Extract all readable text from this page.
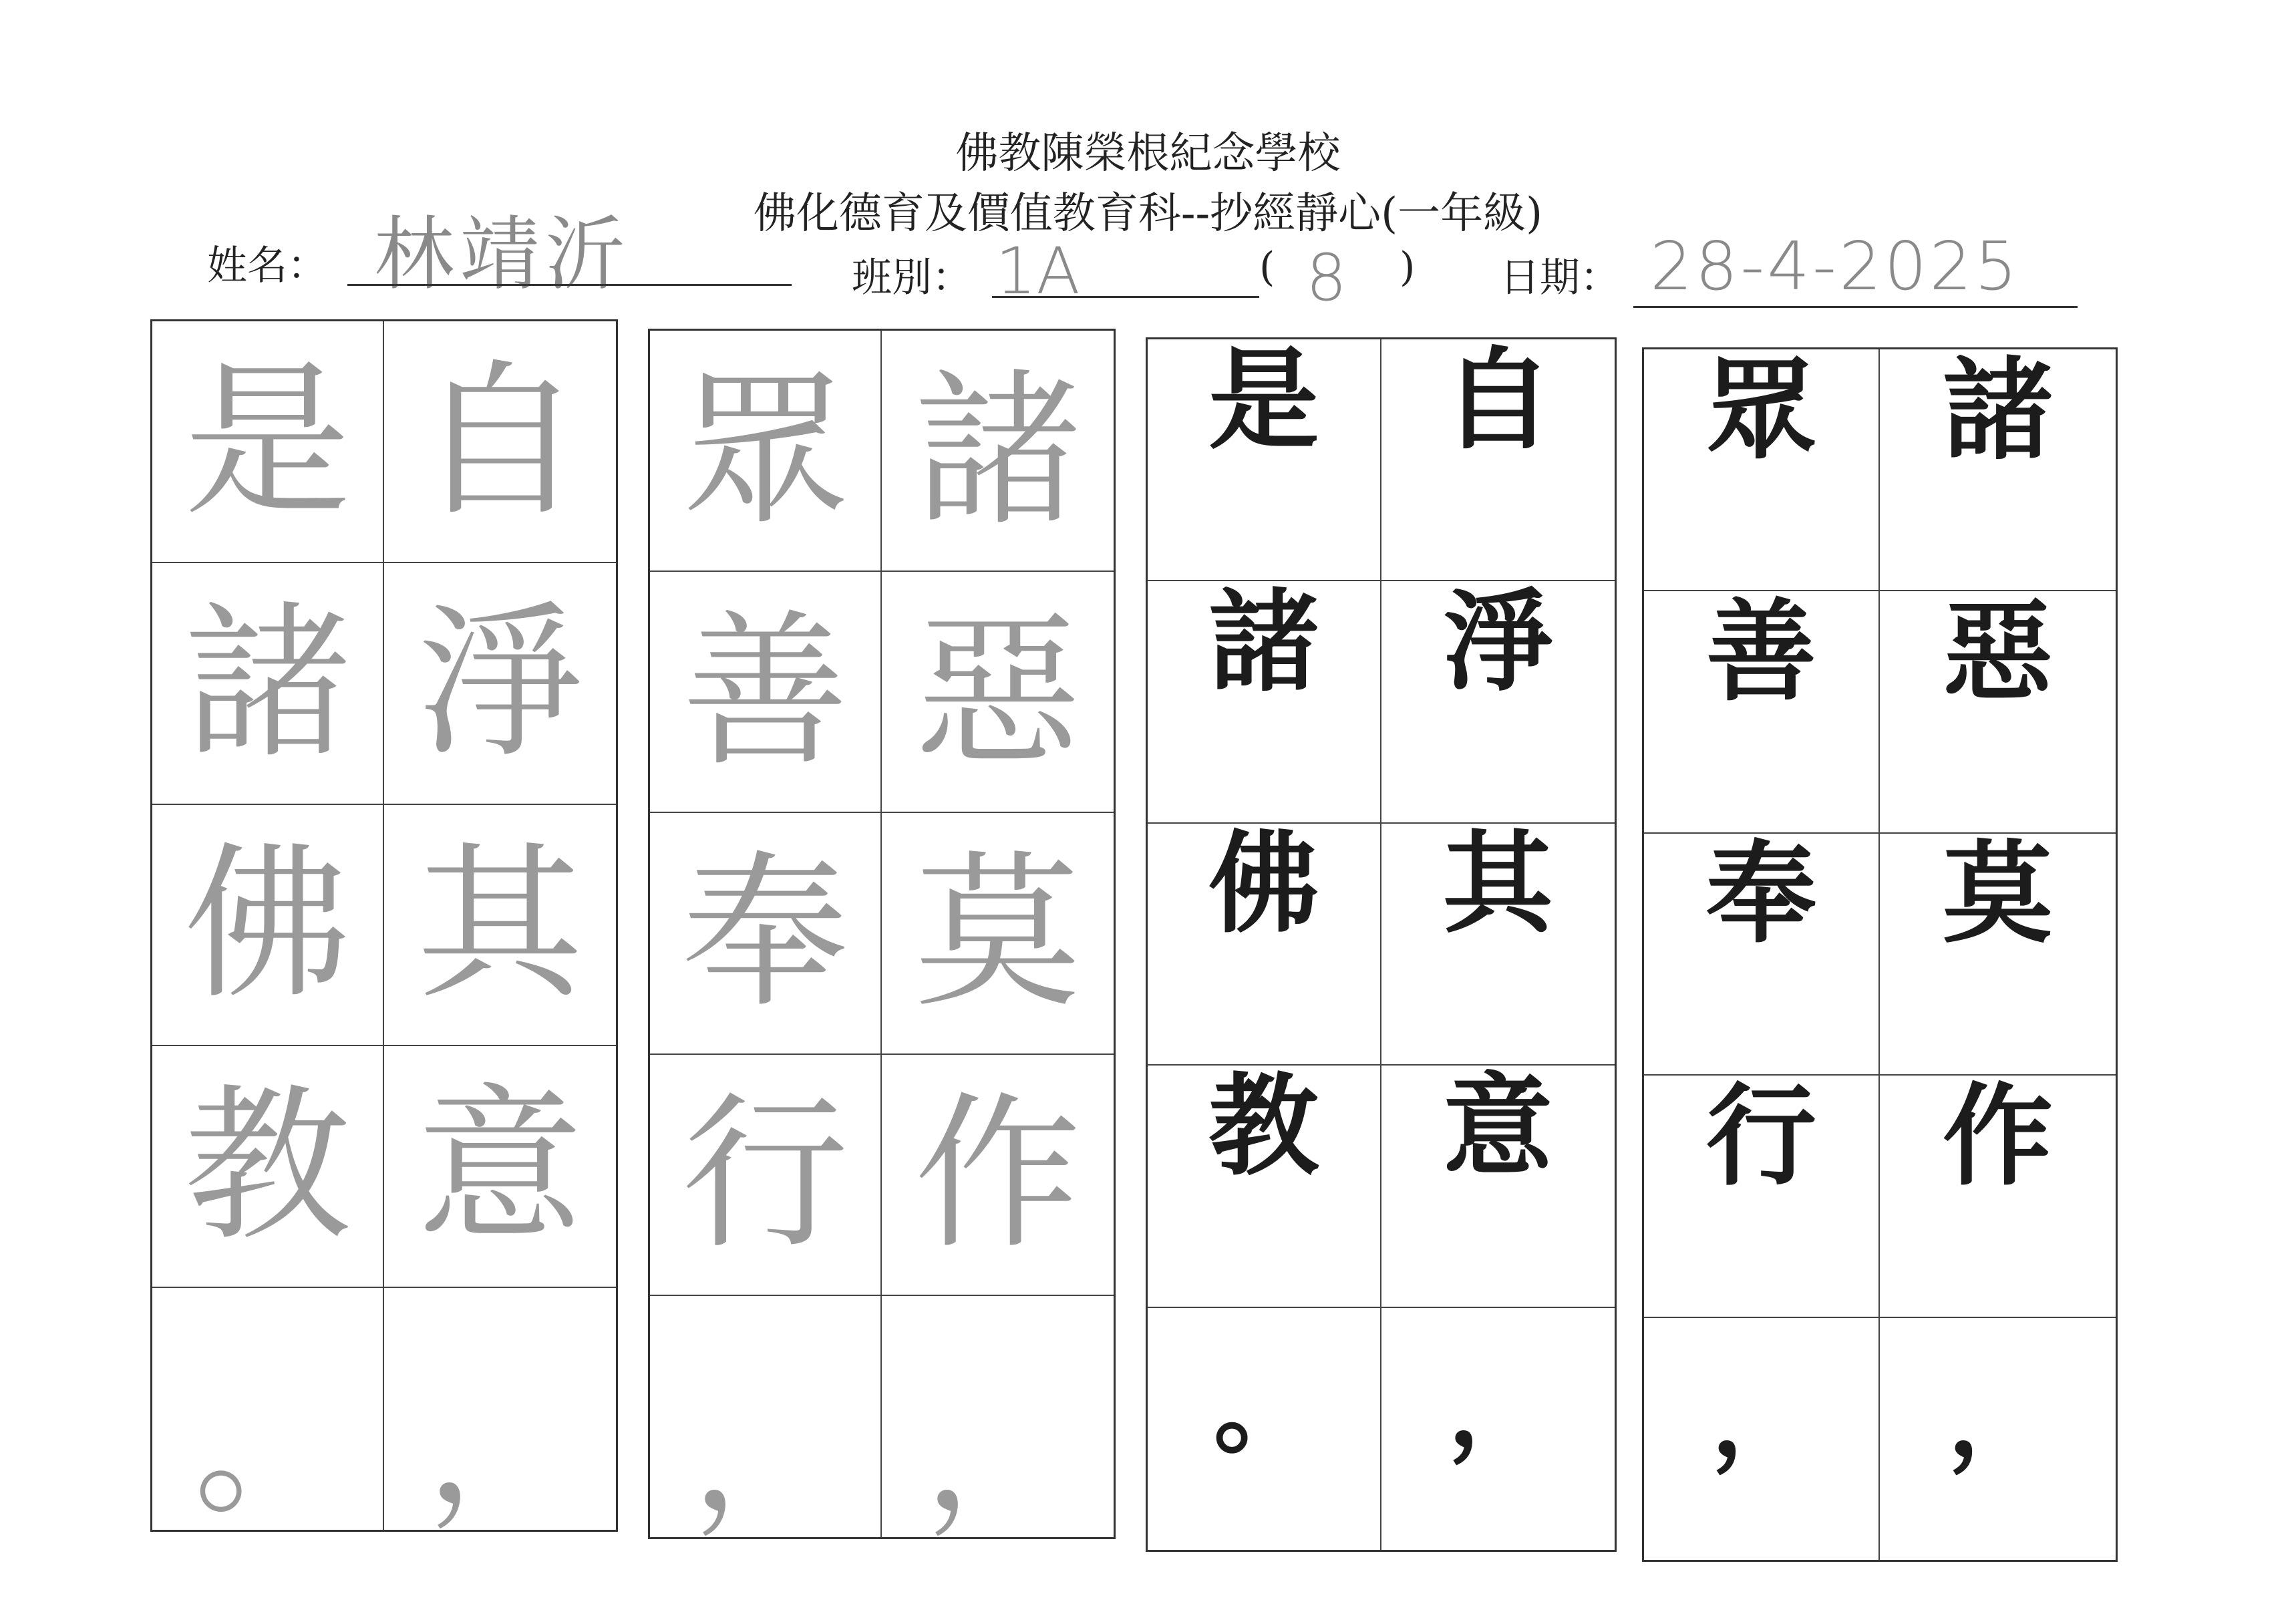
佛教陳榮根紀念學校
佛化德育及價值教育科--抄經靜心(一年級)
姓名： 林靖沂	班別： 1A	( 8 ) 日期： 28-4-2025
是 自
諸 淨
佛 其
教 意
。 ，
眾 諸
善 惡
奉 莫
行 作
， ，
是 自
諸 淨
佛 其
教 意
。 ，
眾 諸
善 惡
奉 莫
行 作
， ，
